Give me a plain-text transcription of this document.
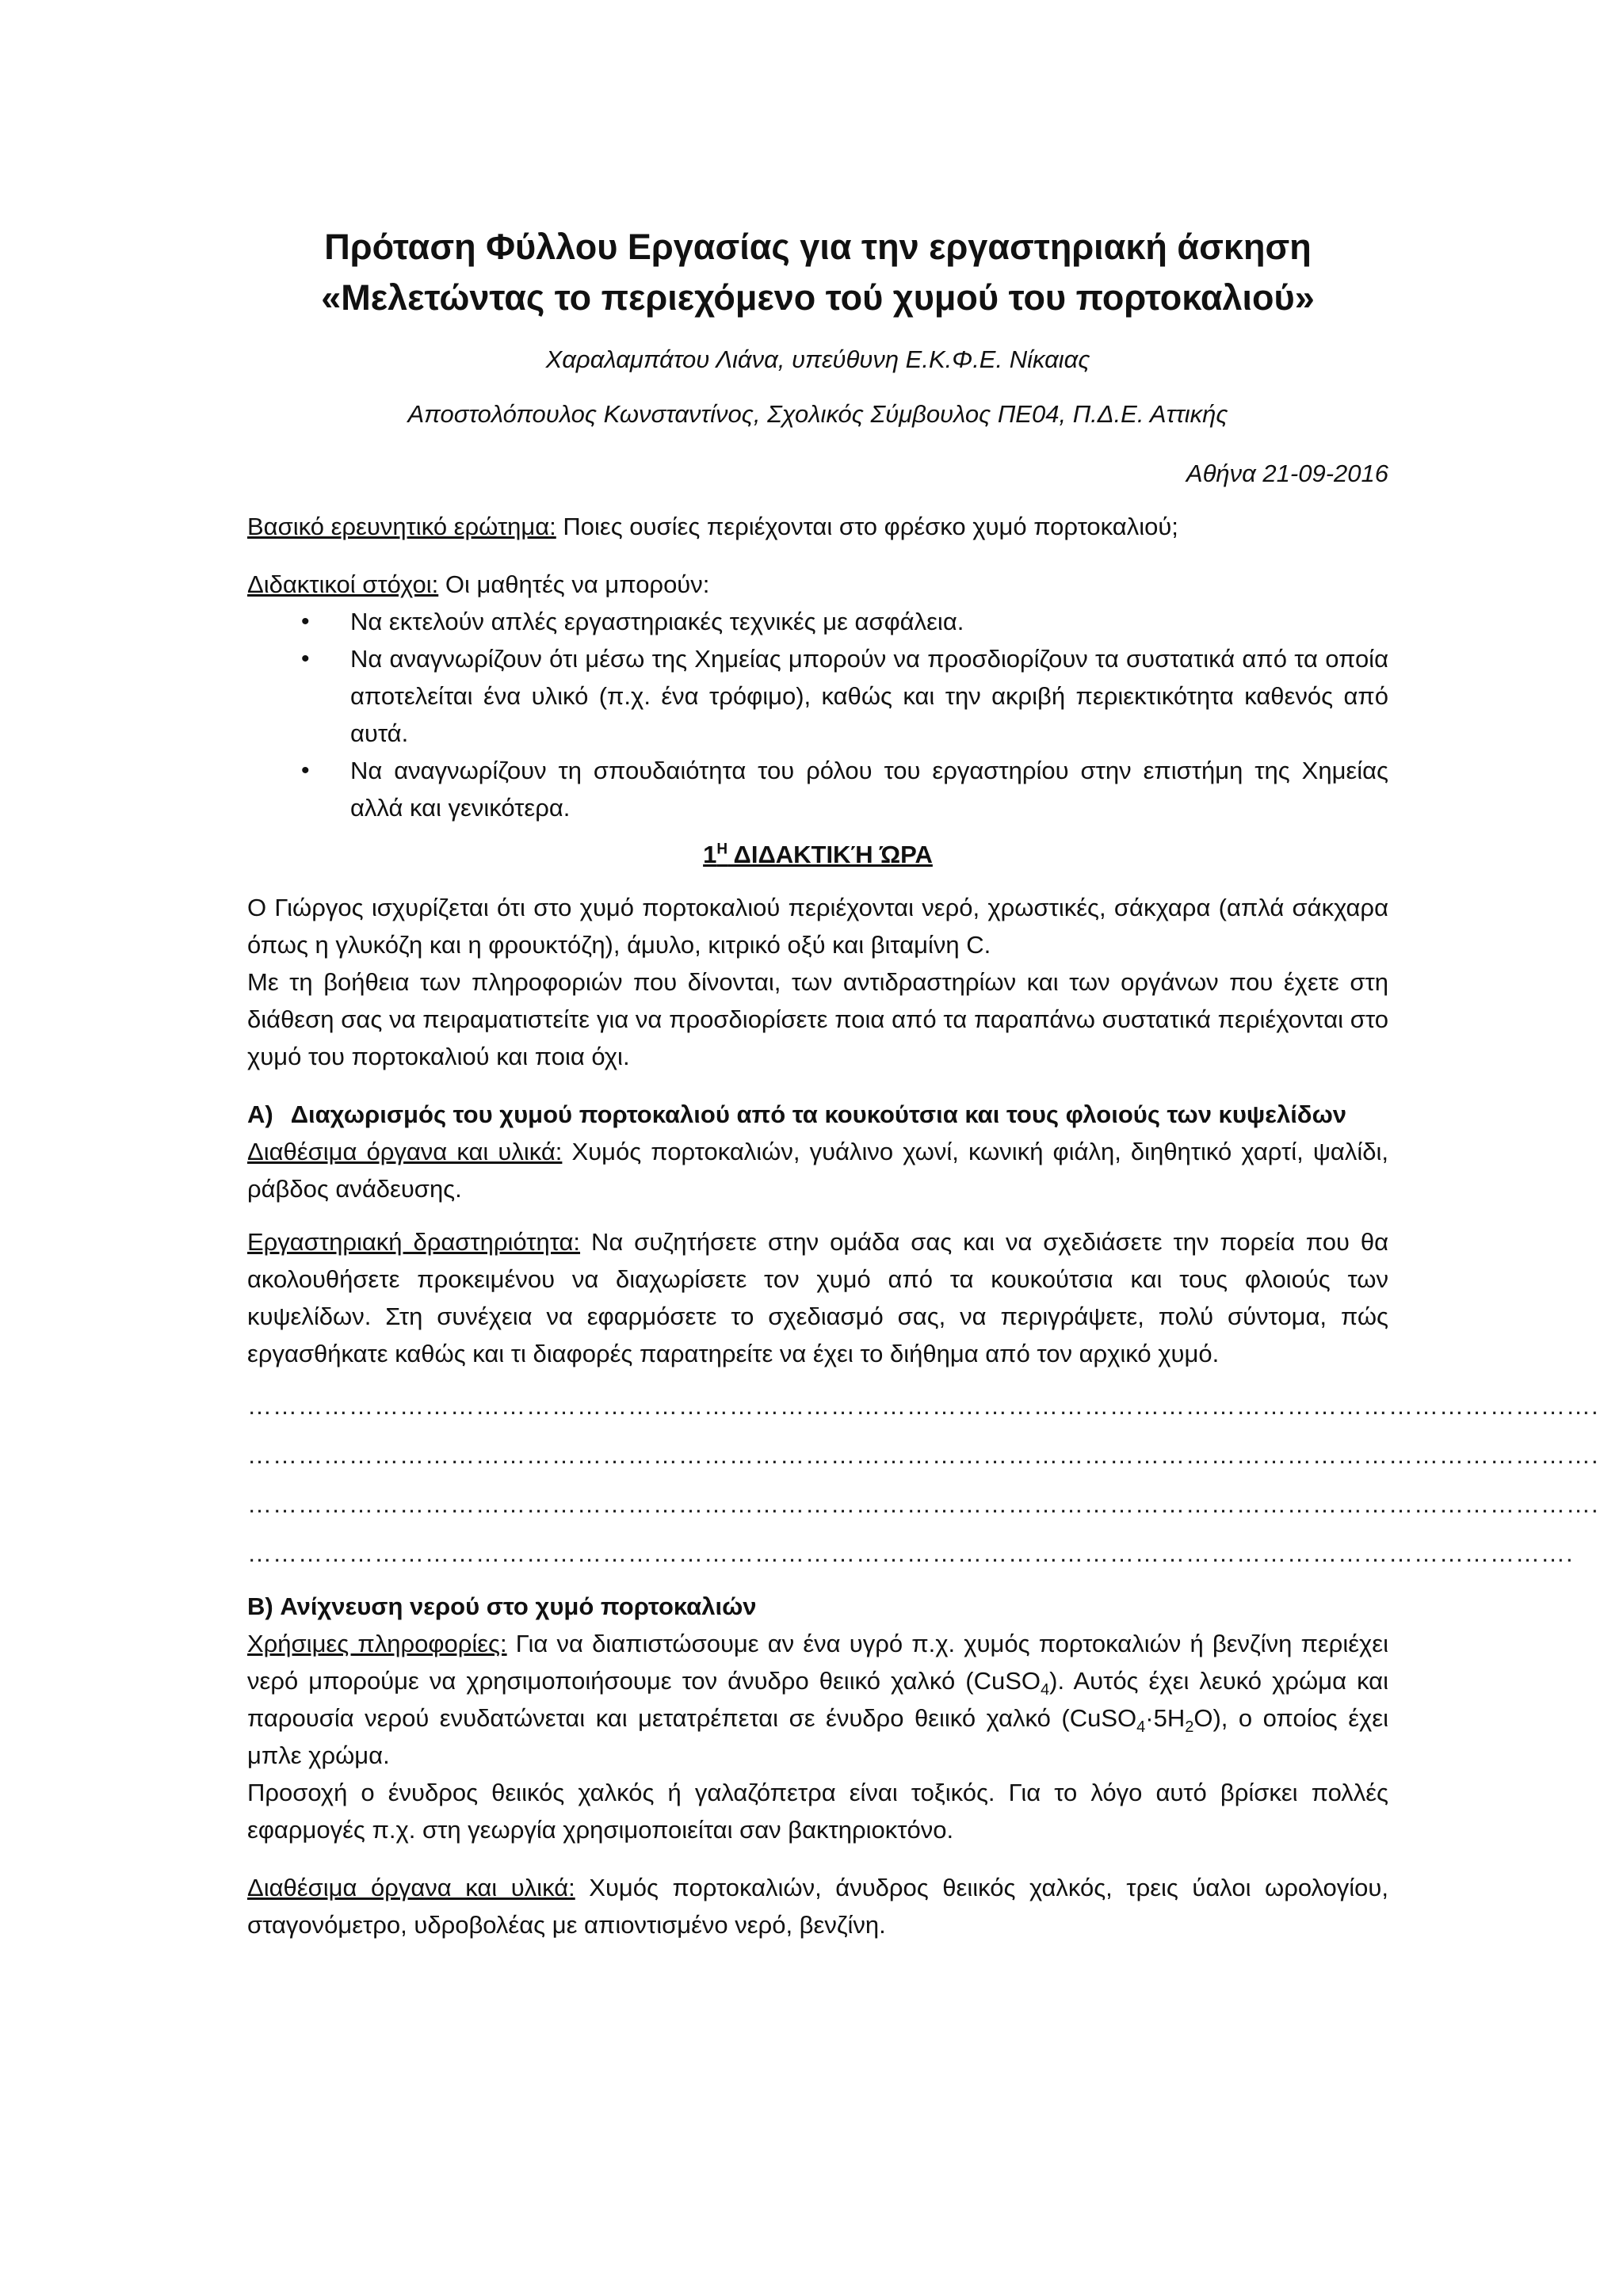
Πρόταση Φύλλου Εργασίας για την εργαστηριακή άσκηση
«Μελετώντας το περιεχόμενο τού χυμού του πορτοκαλιού»

Χαραλαμπάτου Λιάνα, υπεύθυνη Ε.Κ.Φ.Ε. Νίκαιας

Αποστολόπουλος Κωνσταντίνος, Σχολικός Σύμβουλος ΠΕ04, Π.Δ.Ε. Αττικής

Αθήνα 21-09-2016

Βασικό ερευνητικό ερώτημα: Ποιες ουσίες περιέχονται στο φρέσκο χυμό πορτοκαλιού;

Διδακτικοί στόχοι: Οι μαθητές να μπορούν:

• Να εκτελούν απλές εργαστηριακές τεχνικές με ασφάλεια.
• Να αναγνωρίζουν ότι μέσω της Χημείας μπορούν να προσδιορίζουν τα συστατικά από τα οποία αποτελείται ένα υλικό (π.χ. ένα τρόφιμο), καθώς και την ακριβή περιεκτικότητα καθενός από αυτά.
• Να αναγνωρίζουν τη σπουδαιότητα του ρόλου του εργαστηρίου στην επιστήμη της Χημείας αλλά και γενικότερα.

$1^H$ ΔΙΔΑΚΤΙΚΉ ΏΡΑ

Ο Γιώργος ισχυρίζεται ότι στο χυμό πορτοκαλιού περιέχονται νερό, χρωστικές, σάκχαρα (απλά σάκχαρα όπως η γλυκόζη και η φρουκτόζη), άμυλο, κιτρικό οξύ και βιταμίνη C.

Με τη βοήθεια των πληροφοριών που δίνονται, των αντιδραστηρίων και των οργάνων που έχετε στη διάθεση σας να πειραματιστείτε για να προσδιορίσετε ποια από τα παραπάνω συστατικά περιέχονται στο χυμό του πορτοκαλιού και ποια όχι.

Α) Διαχωρισμός του χυμού πορτοκαλιού από τα κουκούτσια και τους φλοιούς των κυψελίδων

Διαθέσιμα όργανα και υλικά: Χυμός πορτοκαλιών, γυάλινο χωνί, κωνική φιάλη, διηθητικό χαρτί, ψαλίδι, ράβδος ανάδευσης.

Εργαστηριακή δραστηριότητα: Να συζητήσετε στην ομάδα σας και να σχεδιάσετε την πορεία που θα ακολουθήσετε προκειμένου να διαχωρίσετε τον χυμό από τα κουκούτσια και τους φλοιούς των κυψελίδων. Στη συνέχεια να εφαρμόσετε το σχεδιασμό σας, να περιγράψετε, πολύ σύντομα, πώς εργασθήκατε καθώς και τι διαφορές παρατηρείτε να έχει το διήθημα από τον αρχικό χυμό.

…………………………………………………………………………………………………………………………………………….

…………………………………………………………………………………………………………………………………………….

…………………………………………………………………………………………………………………………………………….

………………………………………………………………………………………………………………………………………….

Β) Ανίχνευση νερού στο χυμό πορτοκαλιών

Χρήσιμες πληροφορίες: Για να διαπιστώσουμε αν ένα υγρό π.χ. χυμός πορτοκαλιών ή βενζίνη περιέχει νερό μπορούμε να χρησιμοποιήσουμε τον άνυδρο θειικό χαλκό (CuSO$_4$). Αυτός έχει λευκό χρώμα και παρουσία νερού ενυδατώνεται και μετατρέπεται σε ένυδρο θειικό χαλκό $(CuSO_4\cdot 5H_2O)$, ο οποίος έχει μπλε χρώμα.

Προσοχή ο ένυδρος θειικός χαλκός ή γαλαζόπετρα είναι τοξικός. Για το λόγο αυτό βρίσκει πολλές εφαρμογές π.χ. στη γεωργία χρησιμοποιείται σαν βακτηριοκτόνο.

Διαθέσιμα όργανα και υλικά: Χυμός πορτοκαλιών, άνυδρος θειικός χαλκός, τρεις ύαλοι ωρολογίου, σταγονόμετρο, υδροβολέας με απιοντισμένο νερό, βενζίνη.
